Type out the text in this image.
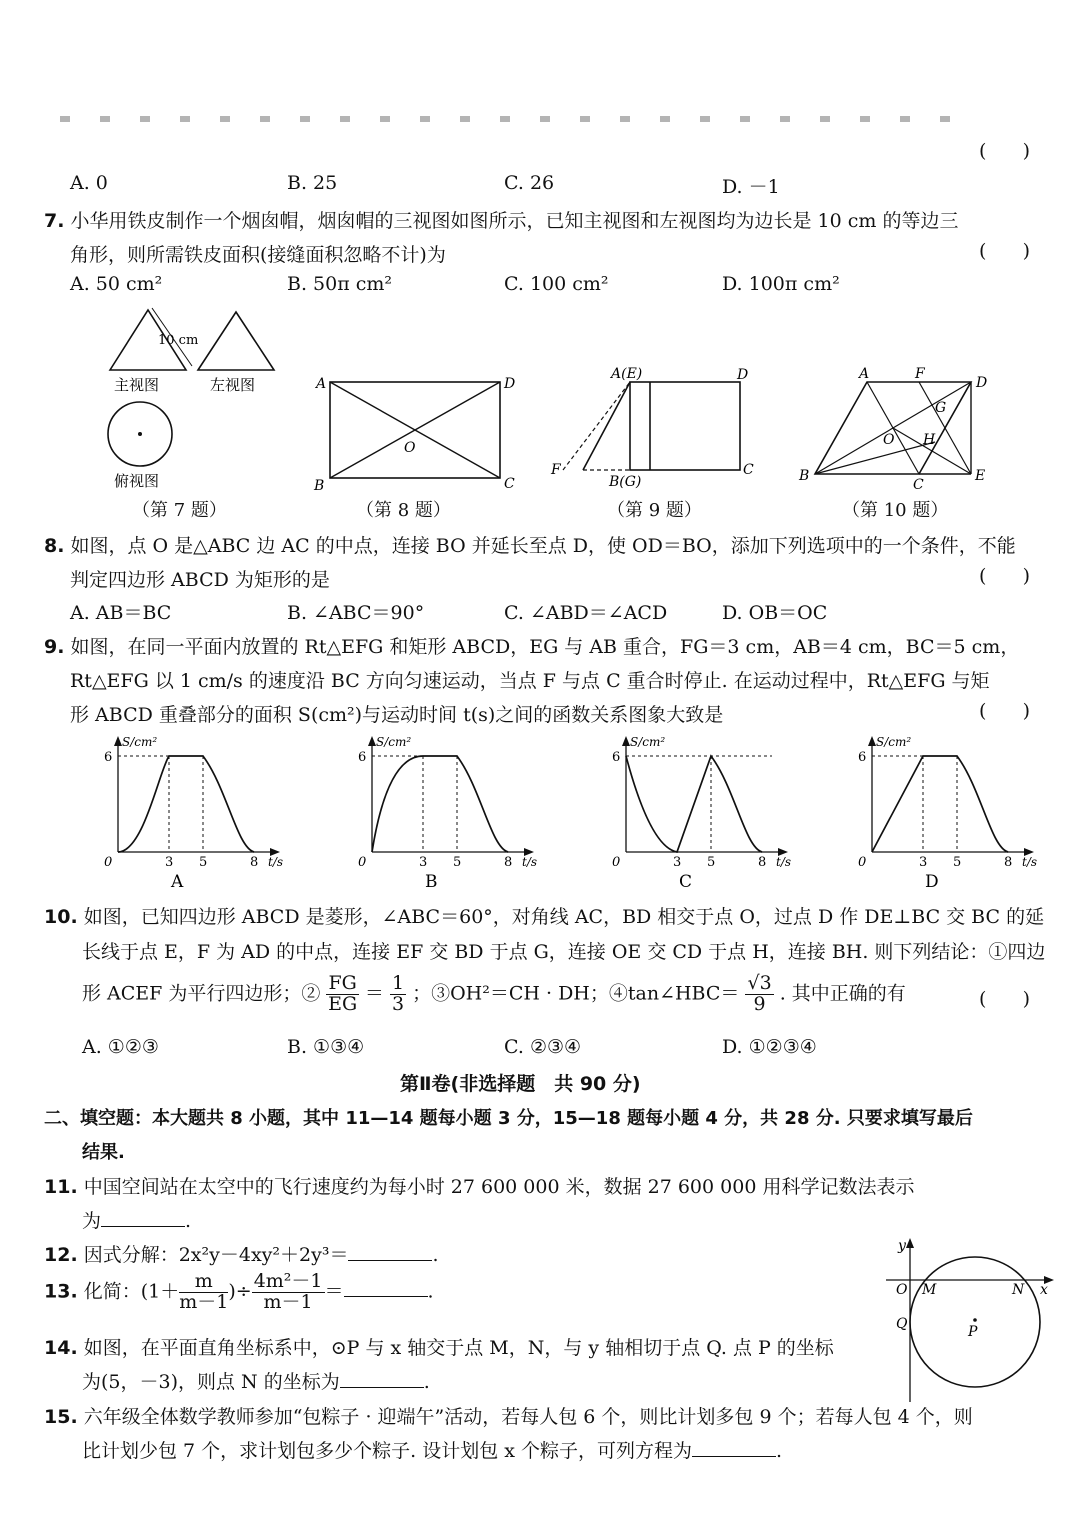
(      )
A. 0	B. 25	C. 26	D. －1
7. 小华用铁皮制作一个烟囱帽，烟囱帽的三视图如图所示，已知主视图和左视图均为边长是 10 cm 的等边三
角形，则所需铁皮面积(接缝面积忽略不计)为	(      )
A. 50 cm²	B. 50π cm²	C. 100 cm²	D. 100π cm²
10 cm
主视图	左视图
俯视图
（第 7 题）
A	D
B	C
O
（第 8 题）
A(E)	D
B(G)
C
F
（第 9 题）
A	F
D
G
O H
B
C
E
（第 10 题）
8. 如图，点 O 是△ABC 边 AC 的中点，连接 BO 并延长至点 D，使 OD＝BO，添加下列选项中的一个条件，不能
判定四边形 ABCD 为矩形的是	(      )
A. AB＝BC	B. ∠ABC＝90°	C. ∠ABD＝∠ACD	D. OB＝OC
9. 如图，在同一平面内放置的 Rt△EFG 和矩形 ABCD，EG 与 AB 重合，FG＝3 cm，AB＝4 cm，BC＝5 cm，
Rt△EFG 以 1 cm/s 的速度沿 BC 方向匀速运动，当点 F 与点 C 重合时停止. 在运动过程中，Rt△EFG 与矩
形 ABCD 重叠部分的面积 S(cm²)与运动时间 t(s)之间的函数关系图象大致是	(      )
S/cm²
t/s
0	3 5	8
6
A
S/cm²
t/s
0	3 5	8
6
B
S/cm²
t/s
0	3 5	8
6
C
S/cm²
t/s
0	3 5	8
6
D
10. 如图，已知四边形 ABCD 是菱形，∠ABC＝60°，对角线 AC，BD 相交于点 O，过点 D 作 DE⊥BC 交 BC 的延
长线于点 E，F 为 AD 的中点，连接 EF 交 BD 于点 G，连接 OE 交 CD 于点 H，连接 BH. 则下列结论：①四边
形 ACEF 为平行四边形；② $\frac{FG}{EG} = \frac{1}{3}$ ；③OH²＝CH · DH；④tan∠HBC＝ $\frac{√3}{9}$ . 其中正确的有	(      )
A. ①②③	B. ①③④	C. ②③④	D. ①②③④
第Ⅱ卷(非选择题　共 90 分)
二、填空题：本大题共 8 小题，其中 11—14 题每小题 3 分，15—18 题每小题 4 分，共 28 分. 只要求填写最后
结果.
11. 中国空间站在太空中的飞行速度约为每小时 27 600 000 米，数据 27 600 000 用科学记数法表示
为	.
12. 因式分解：2x²y－4xy²＋2y³＝	.
13. 化简：($1+ \frac{m}{m-1}$ )÷ $\frac{\text{4m²－1}}{m-1}$ ＝	.
14. 如图，在平面直角坐标系中，⊙P 与 x 轴交于点 M，N，与 y 轴相切于点 Q. 点 P 的坐标
为(5，－3)，则点 N 的坐标为	.
y
x
O M	N
Q	P
15. 六年级全体数学教师参加“包粽子 · 迎端午”活动，若每人包 6 个，则比计划多包 9 个；若每人包 4 个，则
比计划少包 7 个，求计划包多少个粽子. 设计划包 x 个粽子，可列方程为	.
